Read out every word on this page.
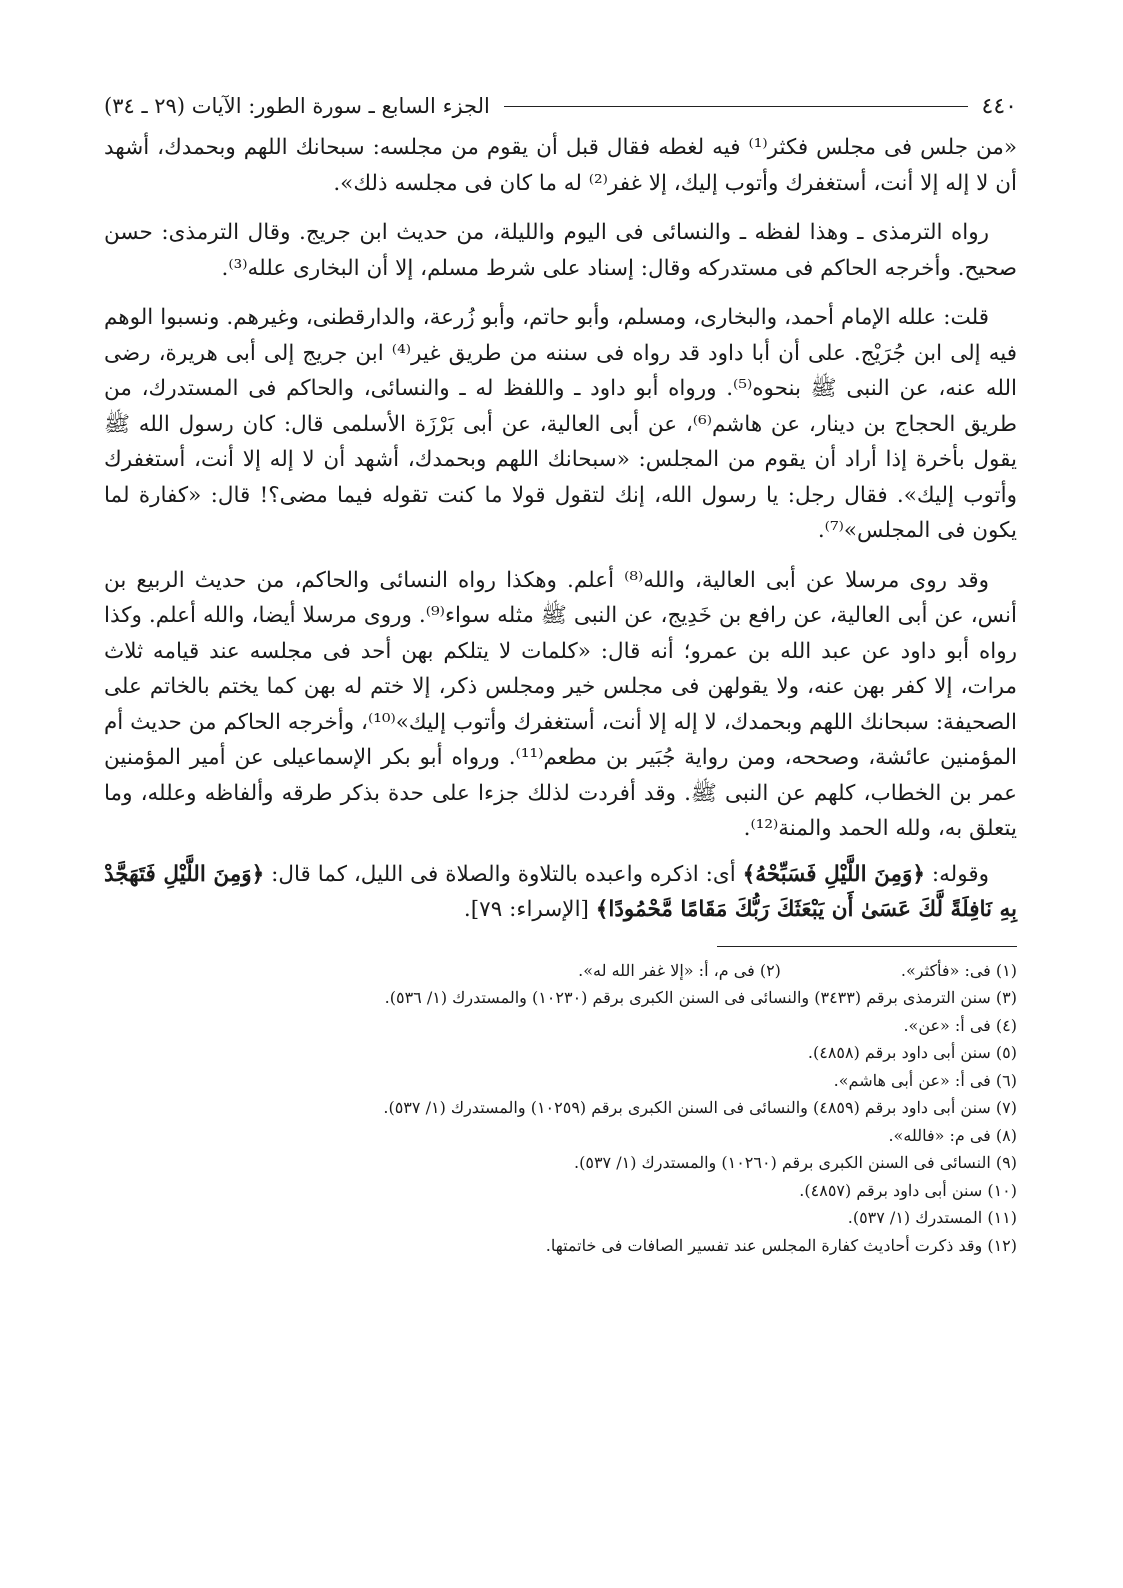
٤٤٠
الجزء السابع ـ سورة الطور: الآيات (٢٩ ـ ٣٤)

«من جلس فى مجلس فكثر⁽¹⁾ فيه لغطه فقال قبل أن يقوم من مجلسه: سبحانك اللهم وبحمدك، أشهد أن لا إله إلا أنت، أستغفرك وأتوب إليك، إلا غفر⁽²⁾ له ما كان فى مجلسه ذلك».

رواه الترمذى ـ وهذا لفظه ـ والنسائى فى اليوم والليلة، من حديث ابن جريج. وقال الترمذى: حسن صحيح. وأخرجه الحاكم فى مستدركه وقال: إسناد على شرط مسلم، إلا أن البخارى علله⁽³⁾.

قلت: علله الإمام أحمد، والبخارى، ومسلم، وأبو حاتم، وأبو زُرعة، والدارقطنى، وغيرهم. ونسبوا الوهم فيه إلى ابن جُرَيْج. على أن أبا داود قد رواه فى سننه من طريق غير⁽⁴⁾ ابن جريج إلى أبى هريرة، رضى الله عنه، عن النبى ﷺ بنحوه⁽⁵⁾. ورواه أبو داود ـ واللفظ له ـ والنسائى، والحاكم فى المستدرك، من طريق الحجاج بن دينار، عن هاشم⁽⁶⁾، عن أبى العالية، عن أبى بَرْزَة الأسلمى قال: كان رسول الله ﷺ يقول بأخرة إذا أراد أن يقوم من المجلس: «سبحانك اللهم وبحمدك، أشهد أن لا إله إلا أنت، أستغفرك وأتوب إليك». فقال رجل: يا رسول الله، إنك لتقول قولا ما كنت تقوله فيما مضى؟! قال: «كفارة لما يكون فى المجلس»⁽⁷⁾.

وقد روى مرسلا عن أبى العالية، والله⁽⁸⁾ أعلم. وهكذا رواه النسائى والحاكم، من حديث الربيع بن أنس، عن أبى العالية، عن رافع بن خَدِيج، عن النبى ﷺ مثله سواء⁽⁹⁾. وروى مرسلا أيضا، والله أعلم. وكذا رواه أبو داود عن عبد الله بن عمرو؛ أنه قال: «كلمات لا يتلكم بهن أحد فى مجلسه عند قيامه ثلاث مرات، إلا كفر بهن عنه، ولا يقولهن فى مجلس خير ومجلس ذكر، إلا ختم له بهن كما يختم بالخاتم على الصحيفة: سبحانك اللهم وبحمدك، لا إله إلا أنت، أستغفرك وأتوب إليك»⁽¹⁰⁾، وأخرجه الحاكم من حديث أم المؤمنين عائشة، وصححه، ومن رواية جُبَير بن مطعم⁽¹¹⁾. ورواه أبو بكر الإسماعيلى عن أمير المؤمنين عمر بن الخطاب، كلهم عن النبى ﷺ. وقد أفردت لذلك جزءا على حدة بذكر طرقه وألفاظه وعلله، وما يتعلق به، ولله الحمد والمنة⁽¹²⁾.

وقوله: ﴿وَمِنَ اللَّيْلِ فَسَبِّحْهُ﴾ أى: اذكره واعبده بالتلاوة والصلاة فى الليل، كما قال: ﴿وَمِنَ اللَّيْلِ فَتَهَجَّدْ بِهِ نَافِلَةً لَّكَ عَسَىٰ أَن يَبْعَثَكَ رَبُّكَ مَقَامًا مَّحْمُودًا﴾ [الإسراء: ٧٩].

(١) فى: «فأكثر».
(٢) فى م، أ: «إلا غفر الله له».
(٣) سنن الترمذى برقم (٣٤٣٣) والنسائى فى السنن الكبرى برقم (١٠٢٣٠) والمستدرك (١/ ٥٣٦).
(٤) فى أ: «عن».
(٥) سنن أبى داود برقم (٤٨٥٨).
(٦) فى أ: «عن أبى هاشم».
(٧) سنن أبى داود برقم (٤٨٥٩) والنسائى فى السنن الكبرى برقم (١٠٢٥٩) والمستدرك (١/ ٥٣٧).
(٨) فى م: «فالله».
(٩) النسائى فى السنن الكبرى برقم (١٠٢٦٠) والمستدرك (١/ ٥٣٧).
(١٠) سنن أبى داود برقم (٤٨٥٧).
(١١) المستدرك (١/ ٥٣٧).
(١٢) وقد ذكرت أحاديث كفارة المجلس عند تفسير الصافات فى خاتمتها.
